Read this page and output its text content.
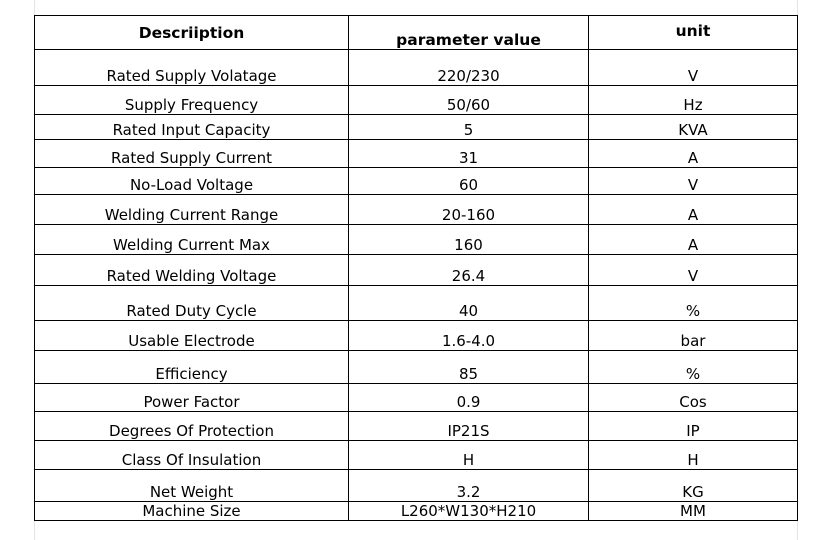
Descriiption	parameter value	unit
Rated Supply Volatage	220/230	V
Supply Frequency	50/60	Hz
Rated Input Capacity	5	KVA
Rated Supply Current	31	A
No-Load Voltage	60	V
Welding Current Range	20-160	A
Welding Current Max	160	A
Rated Welding Voltage	26.4	V
Rated Duty Cycle	40	%
Usable Electrode	1.6-4.0	bar
Efficiency	85	%
Power Factor	0.9	Cos
Degrees Of Protection	IP21S	IP
Class Of Insulation	H	H
Net Weight	3.2	KG
Machine Size	L260*W130*H210	MM
